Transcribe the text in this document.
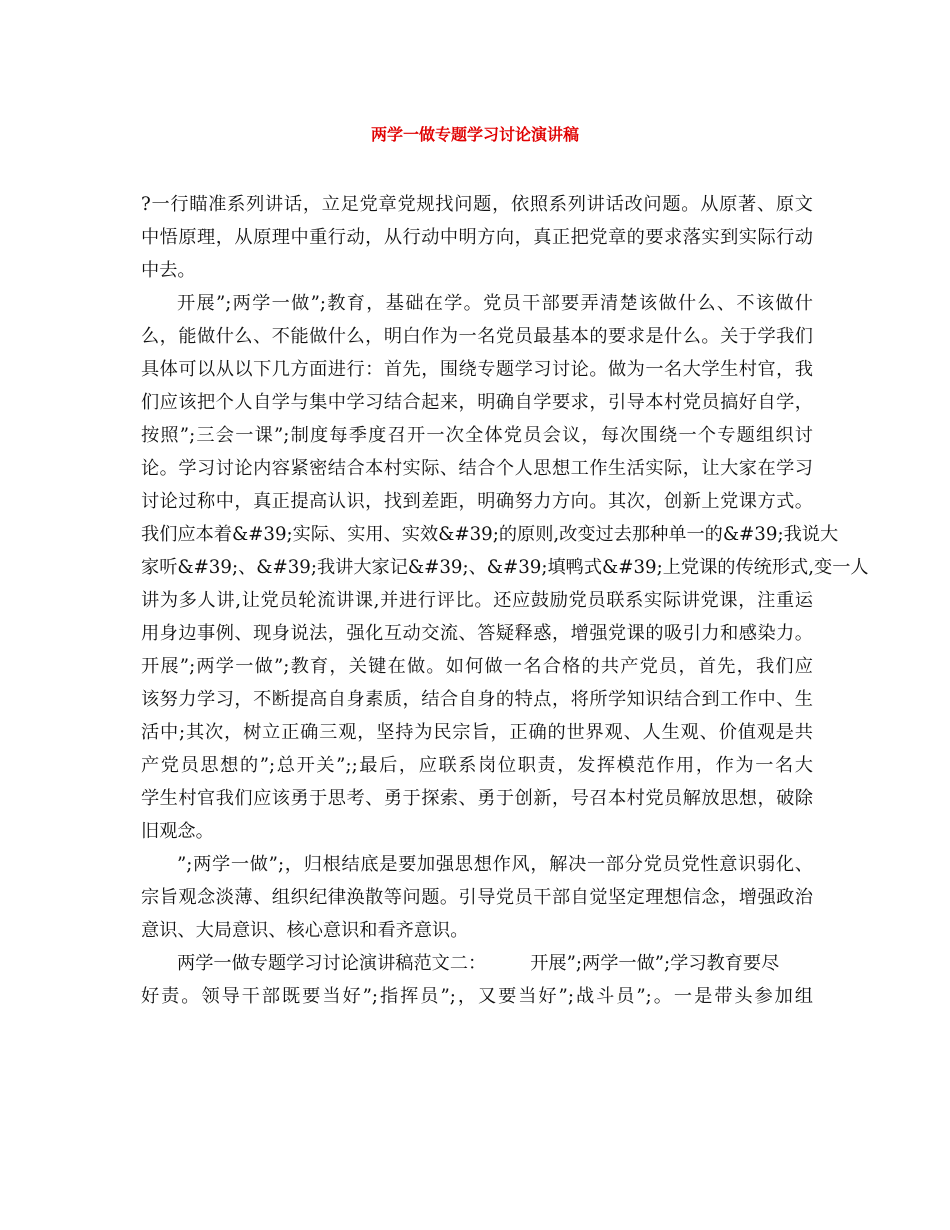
两学一做专题学习讨论演讲稿
?一行瞄准系列讲话，立足党章党规找问题，依照系列讲话改问题。从原著、原文
中悟原理，从原理中重行动，从行动中明方向，真正把党章的要求落实到实际行动
中去。
开展”;两学一做”;教育，基础在学。党员干部要弄清楚该做什么、不该做什
么，能做什么、不能做什么，明白作为一名党员最基本的要求是什么。关于学我们
具体可以从以下几方面进行：首先，围绕专题学习讨论。做为一名大学生村官，我
们应该把个人自学与集中学习结合起来，明确自学要求，引导本村党员搞好自学，
按照”;三会一课”;制度每季度召开一次全体党员会议，每次围绕一个专题组织讨
论。学习讨论内容紧密结合本村实际、结合个人思想工作生活实际，让大家在学习
讨论过称中，真正提高认识，找到差距，明确努力方向。其次，创新上党课方式。
我们应本着&#39;实际、实用、实效&#39;的原则,改变过去那种单一的&#39;我说大
家听&#39;、&#39;我讲大家记&#39;、&#39;填鸭式&#39;上党课的传统形式,变一人
讲为多人讲,让党员轮流讲课,并进行评比。还应鼓励党员联系实际讲党课，注重运
用身边事例、现身说法，强化互动交流、答疑释惑，增强党课的吸引力和感染力。
开展”;两学一做”;教育，关键在做。如何做一名合格的共产党员，首先，我们应
该努力学习，不断提高自身素质，结合自身的特点，将所学知识结合到工作中、生
活中;其次，树立正确三观，坚持为民宗旨，正确的世界观、人生观、价值观是共
产党员思想的”;总开关”;;最后，应联系岗位职责，发挥模范作用，作为一名大
学生村官我们应该勇于思考、勇于探索、勇于创新，号召本村党员解放思想，破除
旧观念。
”;两学一做”;，归根结底是要加强思想作风，解决一部分党员党性意识弱化、
宗旨观念淡薄、组织纪律涣散等问题。引导党员干部自觉坚定理想信念，增强政治
意识、大局意识、核心意识和看齐意识。
两学一做专题学习讨论演讲稿范文二： 开展”;两学一做”;学习教育要尽
好责。领导干部既要当好”;指挥员”;，又要当好”;战斗员”;。一是带头参加组
